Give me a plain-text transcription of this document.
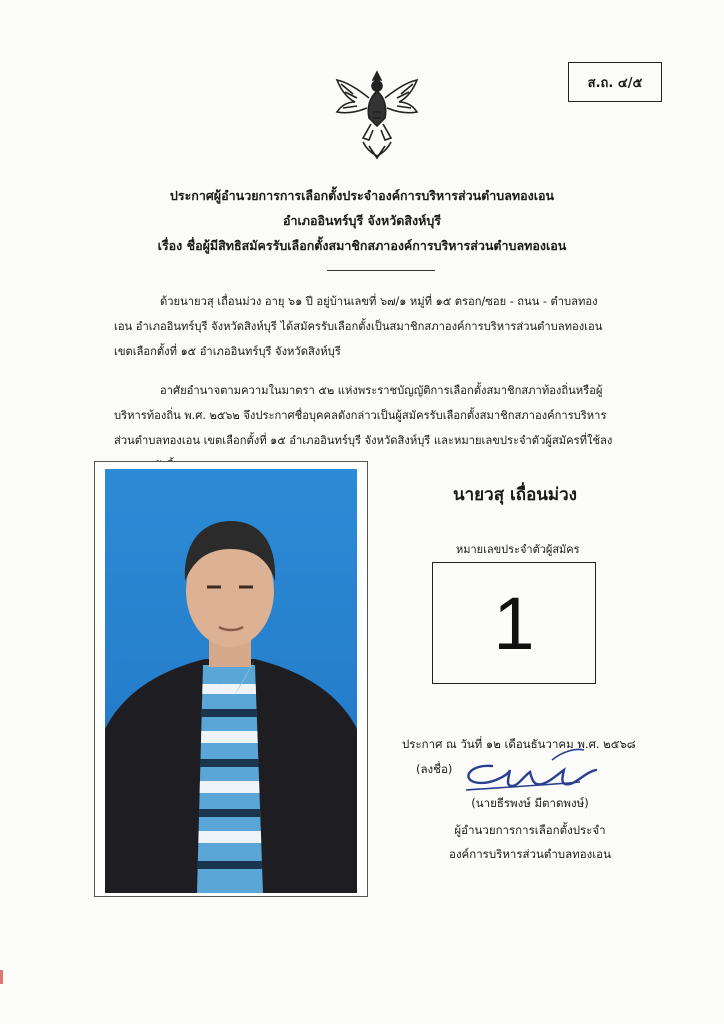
ส.ถ. ๔/๕
ประกาศผู้อำนวยการการเลือกตั้งประจำองค์การบริหารส่วนตำบลทองเอน
อำเภออินทร์บุรี จังหวัดสิงห์บุรี
เรื่อง ชื่อผู้มีสิทธิสมัครรับเลือกตั้งสมาชิกสภาองค์การบริหารส่วนตำบลทองเอน

ด้วยนายวสุ เถื่อนม่วง อายุ ๖๑ ปี อยู่บ้านเลขที่ ๖๗/๑ หมู่ที่ ๑๕ ตรอก/ซอย - ถนน - ตำบลทองเอน อำเภออินทร์บุรี จังหวัดสิงห์บุรี ได้สมัครรับเลือกตั้งเป็นสมาชิกสภาองค์การบริหารส่วนตำบลทองเอน เขตเลือกตั้งที่ ๑๕ อำเภออินทร์บุรี จังหวัดสิงห์บุรี

อาศัยอำนาจตามความในมาตรา ๕๒ แห่งพระราชบัญญัติการเลือกตั้งสมาชิกสภาท้องถิ่นหรือผู้บริหารท้องถิ่น พ.ศ. ๒๕๖๒ จึงประกาศชื่อบุคคลดังกล่าวเป็นผู้สมัครรับเลือกตั้งสมาชิกสภาองค์การบริหารส่วนตำบลทองเอน เขตเลือกตั้งที่ ๑๕ อำเภออินทร์บุรี จังหวัดสิงห์บุรี และหมายเลขประจำตัวผู้สมัครที่ใช้ลง

นายวสุ เถื่อนม่วง
หมายเลขประจำตัวผู้สมัคร
1
ประกาศ ณ วันที่ ๑๒ เดือนธันวาคม พ.ศ. ๒๕๖๘
(ลงชื่อ)
(นายธีรพงษ์ มีตาดพงษ์)
ผู้อำนวยการการเลือกตั้งประจำ
องค์การบริหารส่วนตำบลทองเอน
